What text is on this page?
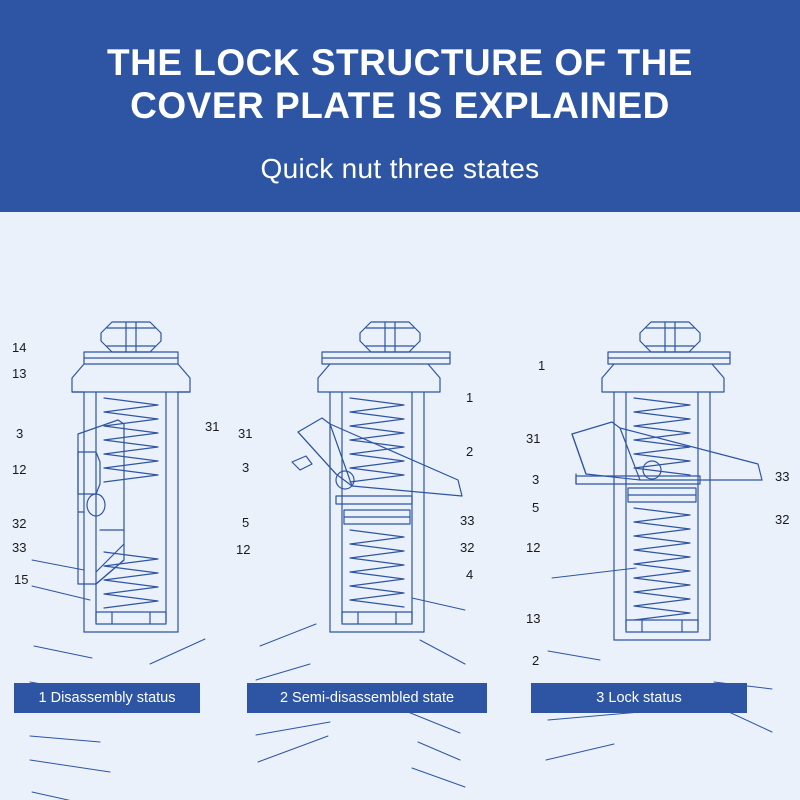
THE LOCK STRUCTURE OF THE COVER PLATE IS EXPLAINED
Quick nut three states
14
13
3
12
32
33
15
31
1
2
31
3
5
12
33
32
4
1
31
3
5
12
13
2
33
32
1 Disassembly status	2 Semi-disassembled state	3 Lock status
